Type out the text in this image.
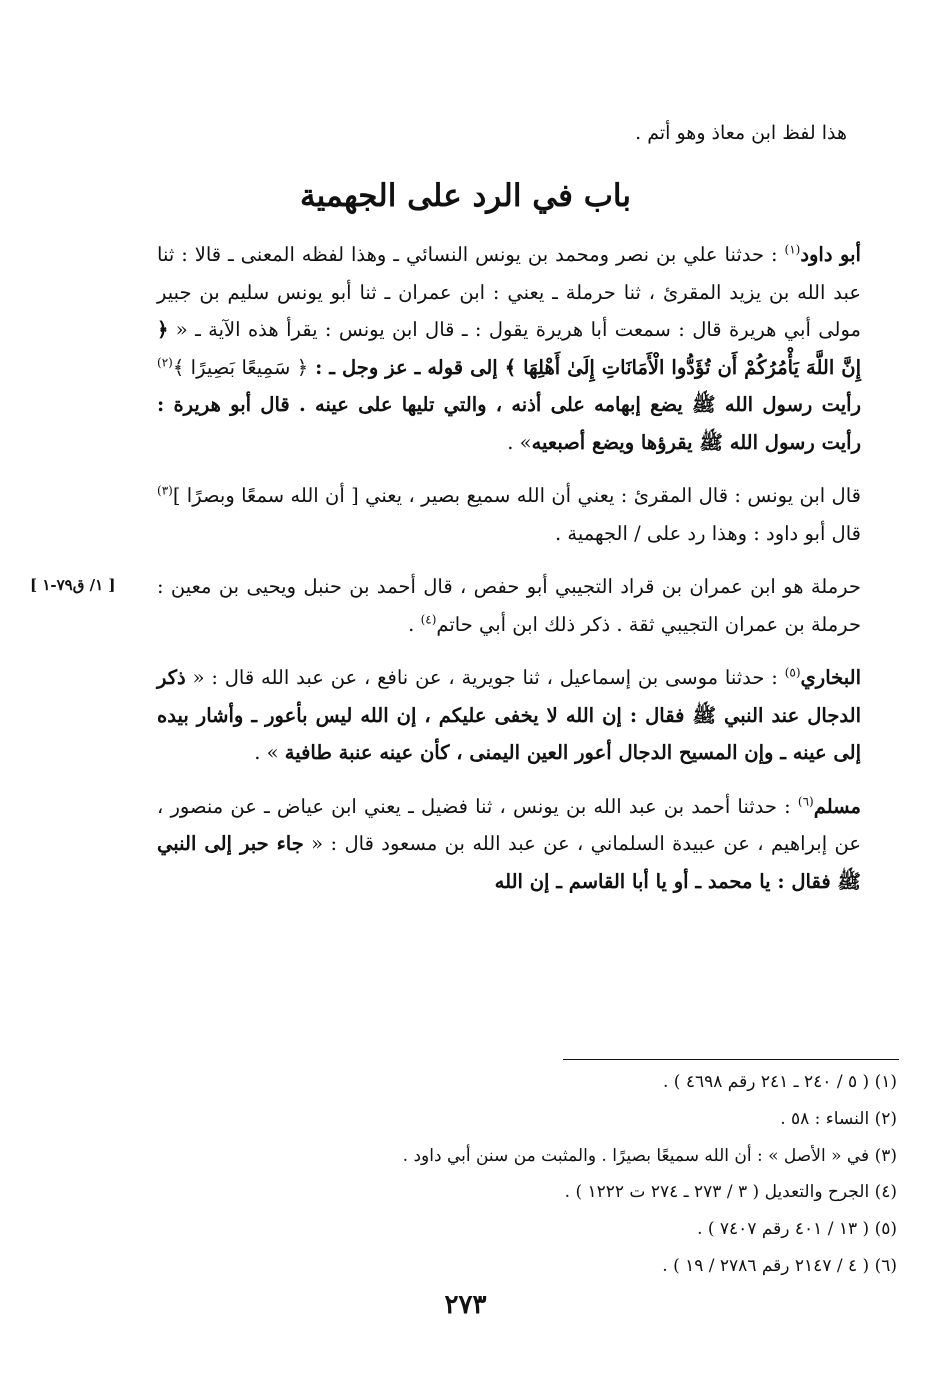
هذا لفظ ابن معاذ وهو أتم .
باب في الرد على الجهمية
[ ١/ ق٧٩-١ ]

أبو داود$^{(١)}$ : حدثنا علي بن نصر ومحمد بن يونس النسائي ـ وهذا لفظه المعنى ـ قالا : ثنا عبد الله بن يزيد المقرئ ، ثنا حرملة ـ يعني : ابن عمران ـ ثنا أبو يونس سليم بن جبير مولى أبي هريرة قال : سمعت أبا هريرة يقول : ـ قال ابن يونس : يقرأ هذه الآية ـ « ﴿ إِنَّ اللَّهَ يَأْمُرُكُمْ أَن تُؤَدُّوا الْأَمَانَاتِ إِلَىٰ أَهْلِهَا ﴾ إلى قوله ـ عز وجل ـ : ﴿ سَمِيعًا بَصِيرًا ﴾$^{(٢)}$ رأيت رسول الله ﷺ يضع إبهامه على أذنه ، والتي تليها على عينه . قال أبو هريرة : رأيت رسول الله ﷺ يقرؤها ويضع أصبعيه» .

قال ابن يونس : قال المقرئ : يعني أن الله سميع بصير ، يعني [ أن الله سمعًا وبصرًا ]$^{(٣)}$ قال أبو داود : وهذا رد على / الجهمية .

حرملة هو ابن عمران بن قراد التجيبي أبو حفص ، قال أحمد بن حنبل ويحيى بن معين : حرملة بن عمران التجيبي ثقة . ذكر ذلك ابن أبي حاتم$^{(٤)}$ .

البخاري$^{(٥)}$ : حدثنا موسى بن إسماعيل ، ثنا جويرية ، عن نافع ، عن عبد الله قال : « ذكر الدجال عند النبي ﷺ فقال : إن الله لا يخفى عليكم ، إن الله ليس بأعور ـ وأشار بيده إلى عينه ـ وإن المسيح الدجال أعور العين اليمنى ، كأن عينه عنبة طافية » .

مسلم$^{(٦)}$ : حدثنا أحمد بن عبد الله بن يونس ، ثنا فضيل ـ يعني ابن عياض ـ عن منصور ، عن إبراهيم ، عن عبيدة السلماني ، عن عبد الله بن مسعود قال : « جاء حبر إلى النبي ﷺ فقال : يا محمد ـ أو يا أبا القاسم ـ إن الله

(١) ( ٥ / ٢٤٠ ـ ٢٤١ رقم ٤٦٩٨ ) .
(٢) النساء : ٥٨ .
(٣) في « الأصل » : أن الله سميعًا بصيرًا . والمثبت من سنن أبي داود .
(٤) الجرح والتعديل ( ٣ / ٢٧٣ ـ ٢٧٤ ت ١٢٢٢ ) .
(٥) ( ١٣ / ٤٠١ رقم ٧٤٠٧ ) .
(٦) ( ٤ / ٢١٤٧ رقم ٢٧٨٦ / ١٩ ) .
٢٧٣
